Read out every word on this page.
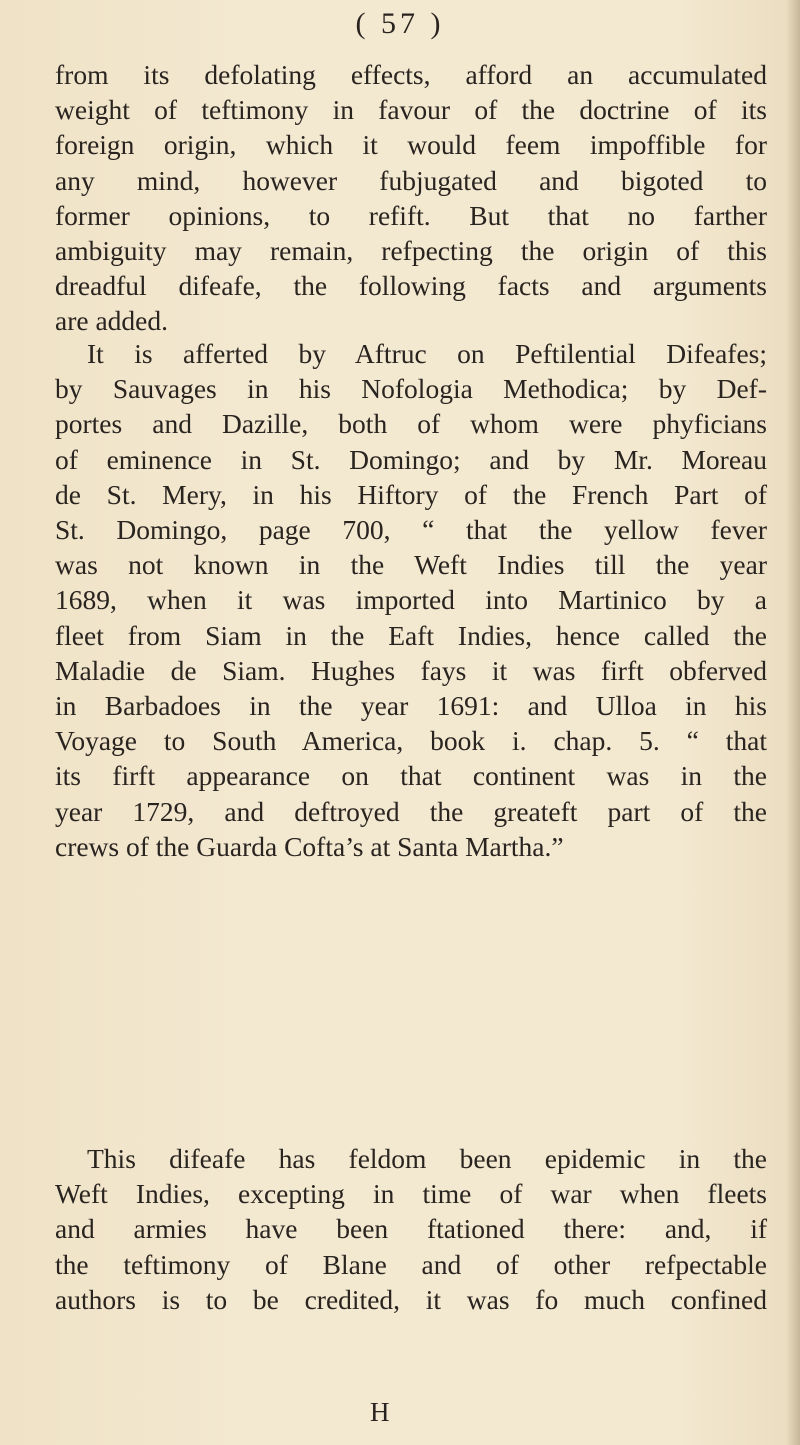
( 57 )
from its defolating effects, afford an accumulated
weight of teftimony in favour of the doctrine of its
foreign origin, which it would feem impoffible for
any mind, however fubjugated and bigoted to
former opinions, to refift. But that no farther
ambiguity may remain, refpecting the origin of this
dreadful difeafe, the following facts and arguments
are added.
It is afferted by Aftruc on Peftilential Difeafes;
by Sauvages in his Nofologia Methodica; by Def-
portes and Dazille, both of whom were phyficians
of eminence in St. Domingo; and by Mr. Moreau
de St. Mery, in his Hiftory of the French Part of
St. Domingo, page 700, “ that the yellow fever
was not known in the Weft Indies till the year
1689, when it was imported into Martinico by a
fleet from Siam in the Eaft Indies, hence called the
Maladie de Siam. Hughes fays it was firft obferved
in Barbadoes in the year 1691: and Ulloa in his
Voyage to South America, book i. chap. 5. “ that
its firft appearance on that continent was in the
year 1729, and deftroyed the greateft part of the
crews of the Guarda Cofta’s at Santa Martha.”
This difeafe has feldom been epidemic in the
Weft Indies, excepting in time of war when fleets
and armies have been ftationed there: and, if
the teftimony of Blane and of other refpectable
authors is to be credited, it was fo much confined
H
